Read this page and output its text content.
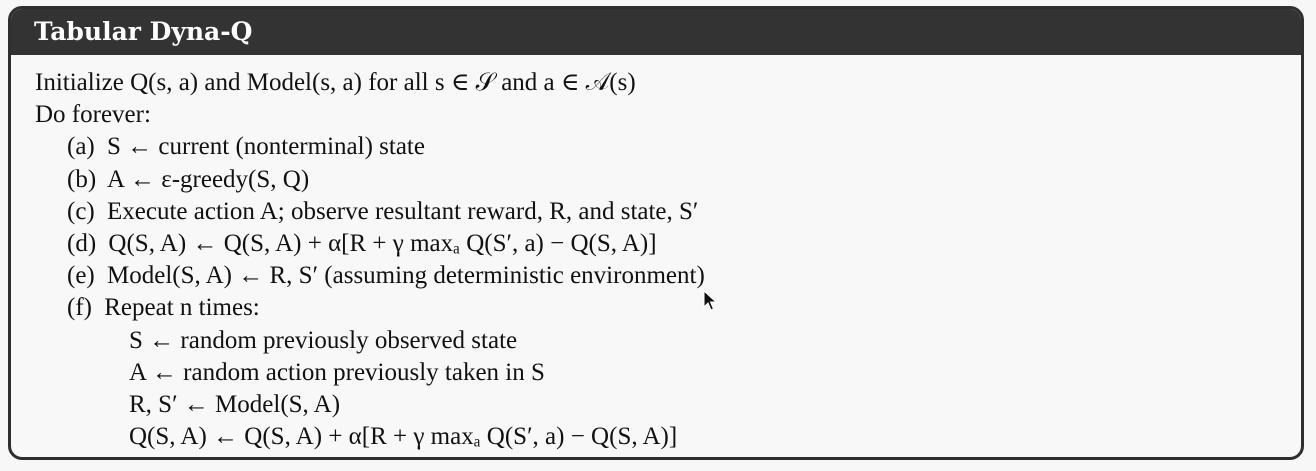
Tabular Dyna-Q
Initialize Q(s, a) and Model(s, a) for all s ∈ 𝒮 and a ∈ 𝒜(s)
Do forever:
(a) S ← current (nonterminal) state
(b) A ← ε-greedy(S, Q)
(c) Execute action A; observe resultant reward, R, and state, S′
(d) Q(S, A) ← Q(S, A) + α[R + γ maxₐ Q(S′, a) − Q(S, A)]
(e) Model(S, A) ← R, S′ (assuming deterministic environment)
(f) Repeat n times:
S ← random previously observed state
A ← random action previously taken in S
R, S′ ← Model(S, A)
Q(S, A) ← Q(S, A) + α[R + γ maxₐ Q(S′, a) − Q(S, A)]
